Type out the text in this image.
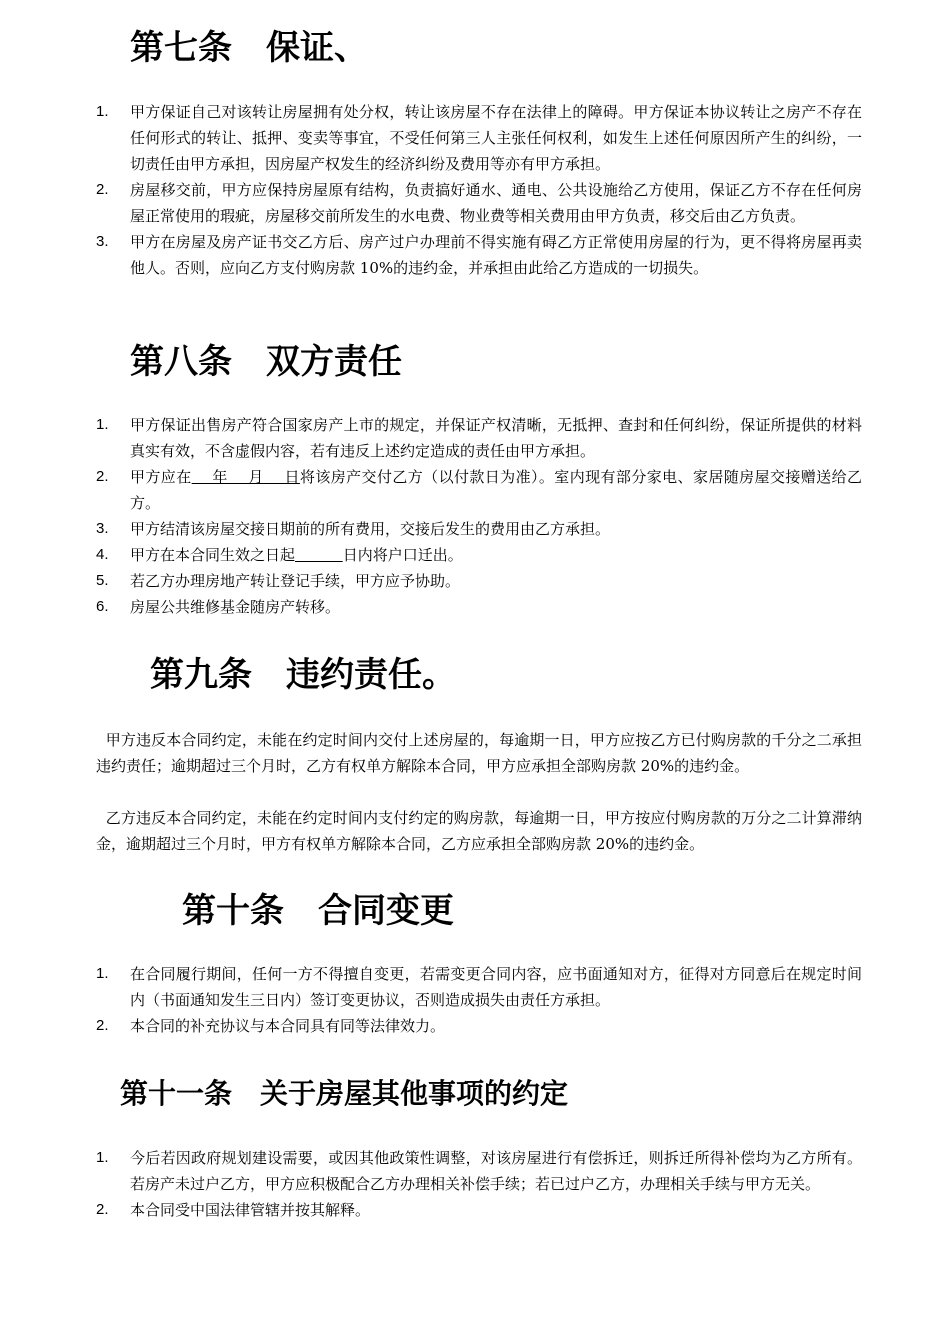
第七条　保证、
1. 甲方保证自己对该转让房屋拥有处分权，转让该房屋不存在法律上的障碍。甲方保证本协议转让之房产不存在任何形式的转让、抵押、变卖等事宜，不受任何第三人主张任何权利，如发生上述任何原因所产生的纠纷，一切责任由甲方承担，因房屋产权发生的经济纠纷及费用等亦有甲方承担。
2. 房屋移交前，甲方应保持房屋原有结构，负责搞好通水、通电、公共设施给乙方使用，保证乙方不存在任何房屋正常使用的瑕疵，房屋移交前所发生的水电费、物业费等相关费用由甲方负责，移交后由乙方负责。
3. 甲方在房屋及房产证书交乙方后、房产过户办理前不得实施有碍乙方正常使用房屋的行为，更不得将房屋再卖他人。否则，应向乙方支付购房款 10%的违约金，并承担由此给乙方造成的一切损失。
第八条　双方责任
1. 甲方保证出售房产符合国家房产上市的规定，并保证产权清晰，无抵押、查封和任何纠纷，保证所提供的材料真实有效，不含虚假内容，若有违反上述约定造成的责任由甲方承担。
2. 甲方应在    年    月    日将该房产交付乙方（以付款日为准）。室内现有部分家电、家居随房屋交接赠送给乙方。
3. 甲方结清该房屋交接日期前的所有费用，交接后发生的费用由乙方承担。
4. 甲方在本合同生效之日起	日内将户口迁出。
5. 若乙方办理房地产转让登记手续，甲方应予协助。
6. 房屋公共维修基金随房产转移。
第九条　违约责任。

甲方违反本合同约定，未能在约定时间内交付上述房屋的，每逾期一日，甲方应按乙方已付购房款的千分之二承担违约责任；逾期超过三个月时，乙方有权单方解除本合同，甲方应承担全部购房款 20%的违约金。

乙方违反本合同约定，未能在约定时间内支付约定的购房款，每逾期一日，甲方按应付购房款的万分之二计算滞纳金，逾期超过三个月时，甲方有权单方解除本合同，乙方应承担全部购房款 20%的违约金。

第十条　合同变更
1. 在合同履行期间，任何一方不得擅自变更，若需变更合同内容，应书面通知对方，征得对方同意后在规定时间内（书面通知发生三日内）签订变更协议，否则造成损失由责任方承担。
2. 本合同的补充协议与本合同具有同等法律效力。
第十一条　关于房屋其他事项的约定
1. 今后若因政府规划建设需要，或因其他政策性调整，对该房屋进行有偿拆迁，则拆迁所得补偿均为乙方所有。若房产未过户乙方，甲方应积极配合乙方办理相关补偿手续；若已过户乙方，办理相关手续与甲方无关。
2. 本合同受中国法律管辖并按其解释。
